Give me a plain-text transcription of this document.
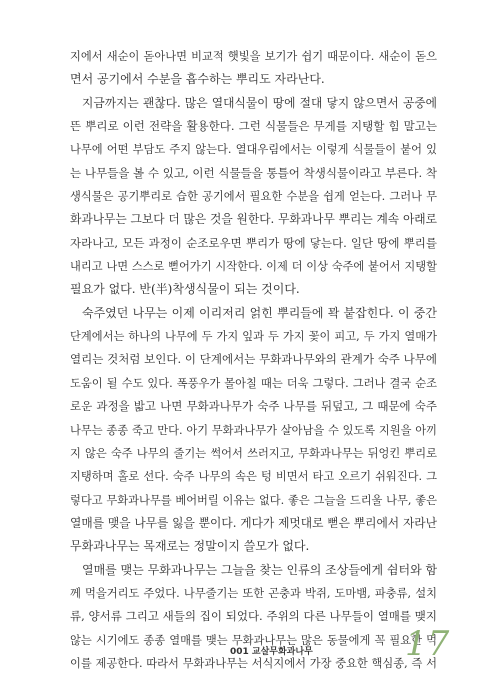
지에서 새순이 돋아나면 비교적 햇빛을 보기가 쉽기 때문이다. 새순이 돋으
면서 공기에서 수분을 흡수하는 뿌리도 자라난다.
지금까지는 괜찮다. 많은 열대식물이 땅에 절대 닿지 않으면서 공중에
뜬 뿌리로 이런 전략을 활용한다. 그런 식물들은 무게를 지탱할 힘 말고는
나무에 어떤 부담도 주지 않는다. 열대우림에서는 이렇게 식물들이 붙어 있
는 나무들을 볼 수 있고, 이런 식물들을 통틀어 착생식물이라고 부른다. 착
생식물은 공기뿌리로 습한 공기에서 필요한 수분을 쉽게 얻는다. 그러나 무
화과나무는 그보다 더 많은 것을 원한다. 무화과나무 뿌리는 계속 아래로
자라나고, 모든 과정이 순조로우면 뿌리가 땅에 닿는다. 일단 땅에 뿌리를
내리고 나면 스스로 뻗어가기 시작한다. 이제 더 이상 숙주에 붙어서 지탱할
필요가 없다. 반(半)착생식물이 되는 것이다.
숙주였던 나무는 이제 이리저리 얽힌 뿌리들에 꽉 붙잡힌다. 이 중간
단계에서는 하나의 나무에 두 가지 잎과 두 가지 꽃이 피고, 두 가지 열매가
열리는 것처럼 보인다. 이 단계에서는 무화과나무와의 관계가 숙주 나무에
도움이 될 수도 있다. 폭풍우가 몰아칠 때는 더욱 그렇다. 그러나 결국 순조
로운 과정을 밟고 나면 무화과나무가 숙주 나무를 뒤덮고, 그 때문에 숙주
나무는 종종 죽고 만다. 아기 무화과나무가 살아남을 수 있도록 지원을 아끼
지 않은 숙주 나무의 줄기는 썩어서 쓰러지고, 무화과나무는 뒤엉킨 뿌리로
지탱하며 홀로 선다. 숙주 나무의 속은 텅 비면서 타고 오르기 쉬워진다. 그
렇다고 무화과나무를 베어버릴 이유는 없다. 좋은 그늘을 드리울 나무, 좋은
열매를 맺을 나무를 잃을 뿐이다. 게다가 제멋대로 뻗은 뿌리에서 자라난
무화과나무는 목재로는 정말이지 쓸모가 없다.
열매를 맺는 무화과나무는 그늘을 찾는 인류의 조상들에게 쉼터와 함
께 먹을거리도 주었다. 나무줄기는 또한 곤충과 박쥐, 도마뱀, 파충류, 설치
류, 양서류 그리고 새들의 집이 되었다. 주위의 다른 나무들이 열매를 맺지
않는 시기에도 종종 열매를 맺는 무화과나무는 많은 동물에게 꼭 필요한 먹
이를 제공한다. 따라서 무화과나무는 서식지에서 가장 중요한 핵심종, 즉 서
001 교살무화과나무	17
